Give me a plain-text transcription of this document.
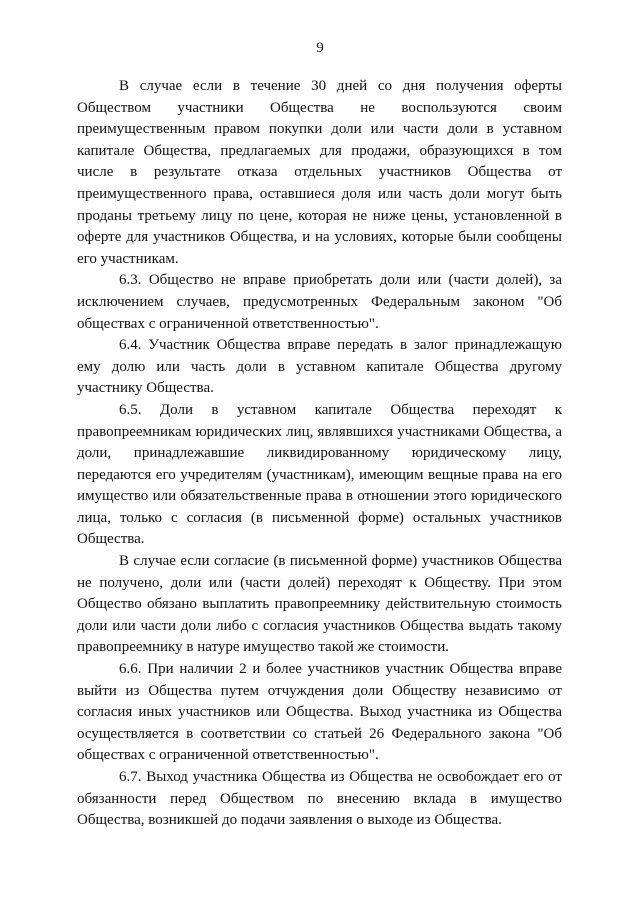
9

В случае если в течение 30 дней со дня получения оферты Обществом участники Общества не воспользуются своим преимущественным правом покупки доли или части доли в уставном капитале Общества, предлагаемых для продажи, образующихся в том числе в результате отказа отдельных участников Общества от преимущественного права, оставшиеся доля или часть доли могут быть проданы третьему лицу по цене, которая не ниже цены, установленной в оферте для участников Общества, и на условиях, которые были сообщены его участникам.

6.3. Общество не вправе приобретать доли или (части долей), за исключением случаев, предусмотренных Федеральным законом "Об обществах с ограниченной ответственностью".

6.4. Участник Общества вправе передать в залог принадлежащую ему долю или часть доли в уставном капитале Общества другому участнику Общества.

6.5. Доли в уставном капитале Общества переходят к правопреемникам юридических лиц, являвшихся участниками Общества, а доли, принадлежавшие ликвидированному юридическому лицу, передаются его учредителям (участникам), имеющим вещные права на его имущество или обязательственные права в отношении этого юридического лица, только с согласия (в письменной форме) остальных участников Общества.

В случае если согласие (в письменной форме) участников Общества не получено, доли или (части долей) переходят к Обществу. При этом Общество обязано выплатить правопреемнику действительную стоимость доли или части доли либо с согласия участников Общества выдать такому правопреемнику в натуре имущество такой же стоимости.

6.6. При наличии 2 и более участников участник Общества вправе выйти из Общества путем отчуждения доли Обществу независимо от согласия иных участников или Общества. Выход участника из Общества осуществляется в соответствии со статьей 26 Федерального закона "Об обществах с ограниченной ответственностью".

6.7. Выход участника Общества из Общества не освобождает его от обязанности перед Обществом по внесению вклада в имущество Общества, возникшей до подачи заявления о выходе из Общества.
